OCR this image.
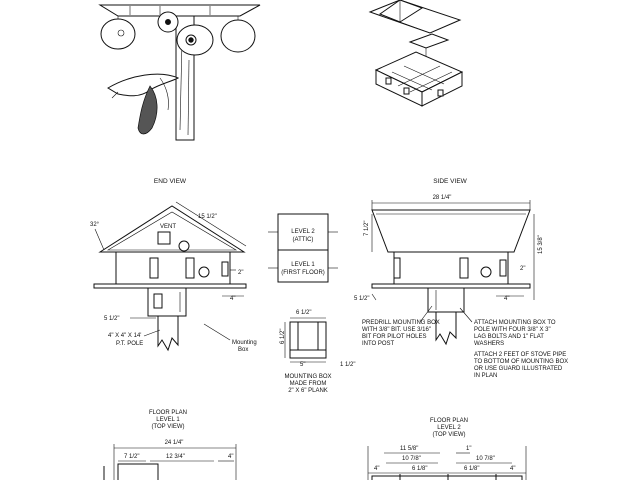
END VIEW
VENT
15 1/2"
32°
2"
4"
5 1/2"
4" X 4" X 14'
P.T. POLE	Mounting
Box
LEVEL 2
(ATTIC)
LEVEL 1
(FIRST FLOOR)
6 1/2"
6 1/2"
5"	1 1/2"
MOUNTING BOX
MADE FROM
2" X 6" PLANK
SIDE VIEW
28 1/4"
7 1/2"
15 3/8"
2"
4"
5 1/2"
PREDRILL MOUNTING BOX
WITH 3/8" BIT. USE 3/16"
BIT FOR PILOT HOLES
INTO POST
ATTACH MOUNTING BOX TO
POLE WITH FOUR 3/8" X 3"
LAG BOLTS AND 1" FLAT
WASHERS
ATTACH 2 FEET OF STOVE PIPE
TO BOTTOM OF MOUNTING BOX
OR USE GUARD ILLUSTRATED
IN PLAN
FLOOR PLAN
LEVEL 1
(TOP VIEW)
24 1/4"
7 1/2"	12 3/4"	4"
FLOOR PLAN
LEVEL 2
(TOP VIEW)
11 5/8"	1"
10 7/8"	10 7/8"
4"	6 1/8"	6 1/8"	4"
